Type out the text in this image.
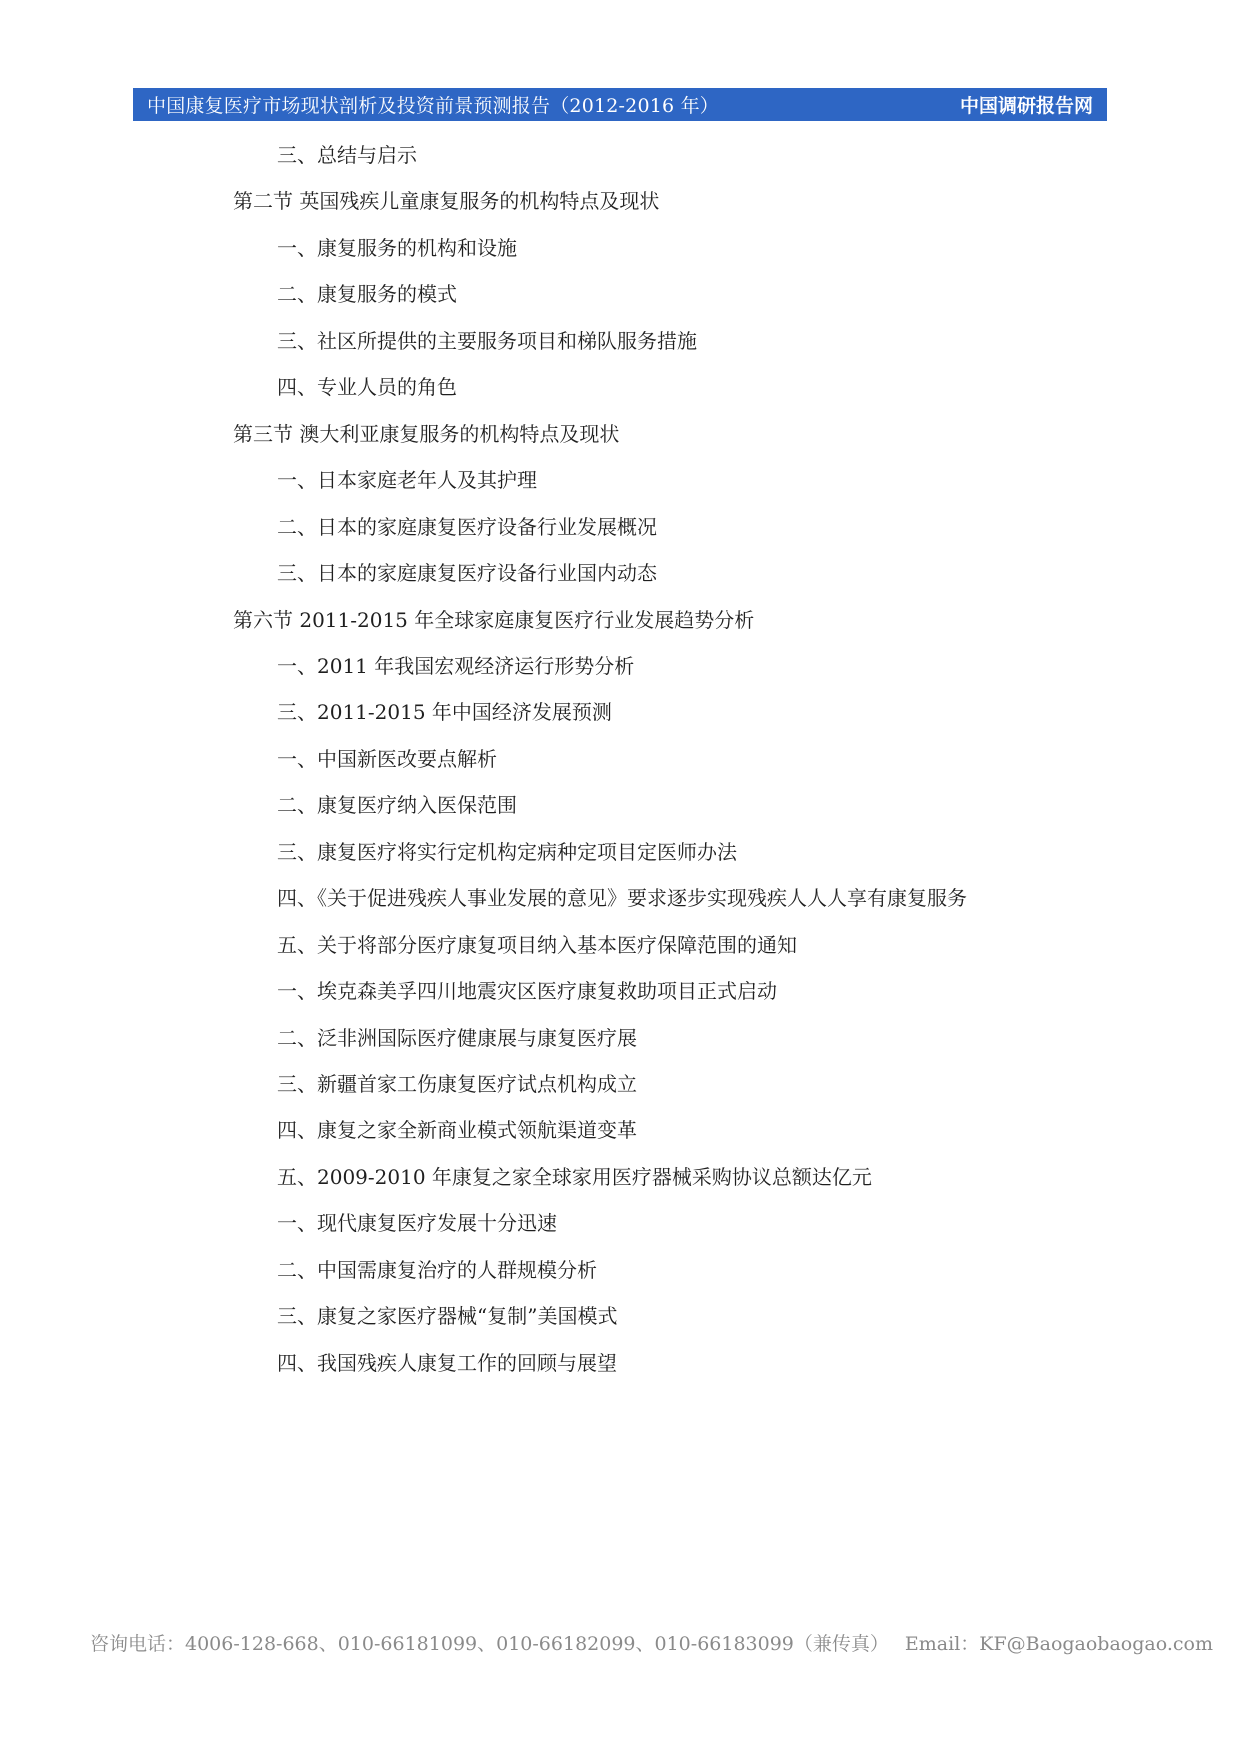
中国康复医疗市场现状剖析及投资前景预测报告（2012-2016 年）	中国调研报告网
三、总结与启示
第二节 英国残疾儿童康复服务的机构特点及现状
一、康复服务的机构和设施
二、康复服务的模式
三、社区所提供的主要服务项目和梯队服务措施
四、专业人员的角色
第三节 澳大利亚康复服务的机构特点及现状
一、日本家庭老年人及其护理
二、日本的家庭康复医疗设备行业发展概况
三、日本的家庭康复医疗设备行业国内动态
第六节 2011-2015 年全球家庭康复医疗行业发展趋势分析
一、2011 年我国宏观经济运行形势分析
三、2011-2015 年中国经济发展预测
一、中国新医改要点解析
二、康复医疗纳入医保范围
三、康复医疗将实行定机构定病种定项目定医师办法
四、《关于促进残疾人事业发展的意见》要求逐步实现残疾人人人享有康复服务
五、关于将部分医疗康复项目纳入基本医疗保障范围的通知
一、埃克森美孚四川地震灾区医疗康复救助项目正式启动
二、泛非洲国际医疗健康展与康复医疗展
三、新疆首家工伤康复医疗试点机构成立
四、康复之家全新商业模式领航渠道变革
五、2009-2010 年康复之家全球家用医疗器械采购协议总额达亿元
一、现代康复医疗发展十分迅速
二、中国需康复治疗的人群规模分析
三、康复之家医疗器械“复制”美国模式
四、我国残疾人康复工作的回顾与展望
咨询电话：4006-128-668、010-66181099、010-66182099、010-66183099（兼传真） Email：KF@Baogaobaogao.com
